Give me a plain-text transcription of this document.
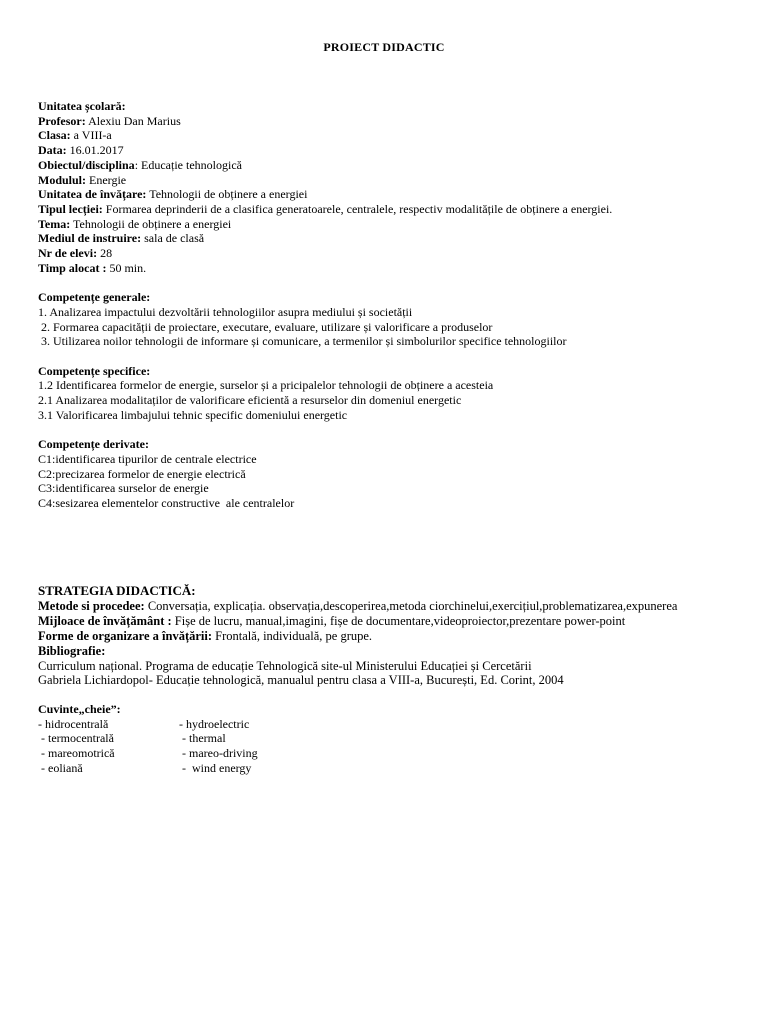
PROIECT DIDACTIC
Unitatea școlară:
Profesor: Alexiu Dan Marius
Clasa: a VIII-a
Data: 16.01.2017
Obiectul/disciplina: Educație tehnologică
Modulul: Energie
Unitatea de învățare: Tehnologii de obținere a energiei
Tipul lecției: Formarea deprinderii de a clasifica generatoarele, centralele, respectiv modalitățile de obținere a energiei.
Tema: Tehnologii de obținere a energiei
Mediul de instruire: sala de clasă
Nr de elevi: 28
Timp alocat : 50 min.
Competențe generale:
1. Analizarea impactului dezvoltării tehnologiilor asupra mediului și societății
2. Formarea capacității de proiectare, executare, evaluare, utilizare și valorificare a produselor
3. Utilizarea noilor tehnologii de informare și comunicare, a termenilor și simbolurilor specifice tehnologiilor
Competențe specifice:
1.2 Identificarea formelor de energie, surselor și a pricipalelor tehnologii de obținere a acesteia
2.1 Analizarea modalitaților de valorificare eficientă a resurselor din domeniul energetic
3.1 Valorificarea limbajului tehnic specific domeniului energetic
Competențe derivate:
C1:identificarea tipurilor de centrale electrice
C2:precizarea formelor de energie electrică
C3:identificarea surselor de energie
C4:sesizarea elementelor constructive  ale centralelor
STRATEGIA DIDACTICĂ:
Metode si procedee: Conversația, explicația. observația,descoperirea,metoda ciorchinelui,exercițiul,problematizarea,expunerea
Mijloace de învățământ : Fișe de lucru, manual,imagini, fișe de documentare,videoproiector,prezentare power-point
Forme de organizare a învățării: Frontală, individuală, pe grupe.
Bibliografie:
Curriculum național. Programa de educație Tehnologică site-ul Ministerului Educației și Cercetării
Gabriela Lichiardopol- Educație tehnologică, manualul pentru clasa a VIII-a, București, Ed. Corint, 2004
Cuvinte„cheie”:
- hidrocentrală	- hydroelectric
- termocentrală	- thermal
- mareomotrică	- mareo-driving
- eoliană	-  wind energy
